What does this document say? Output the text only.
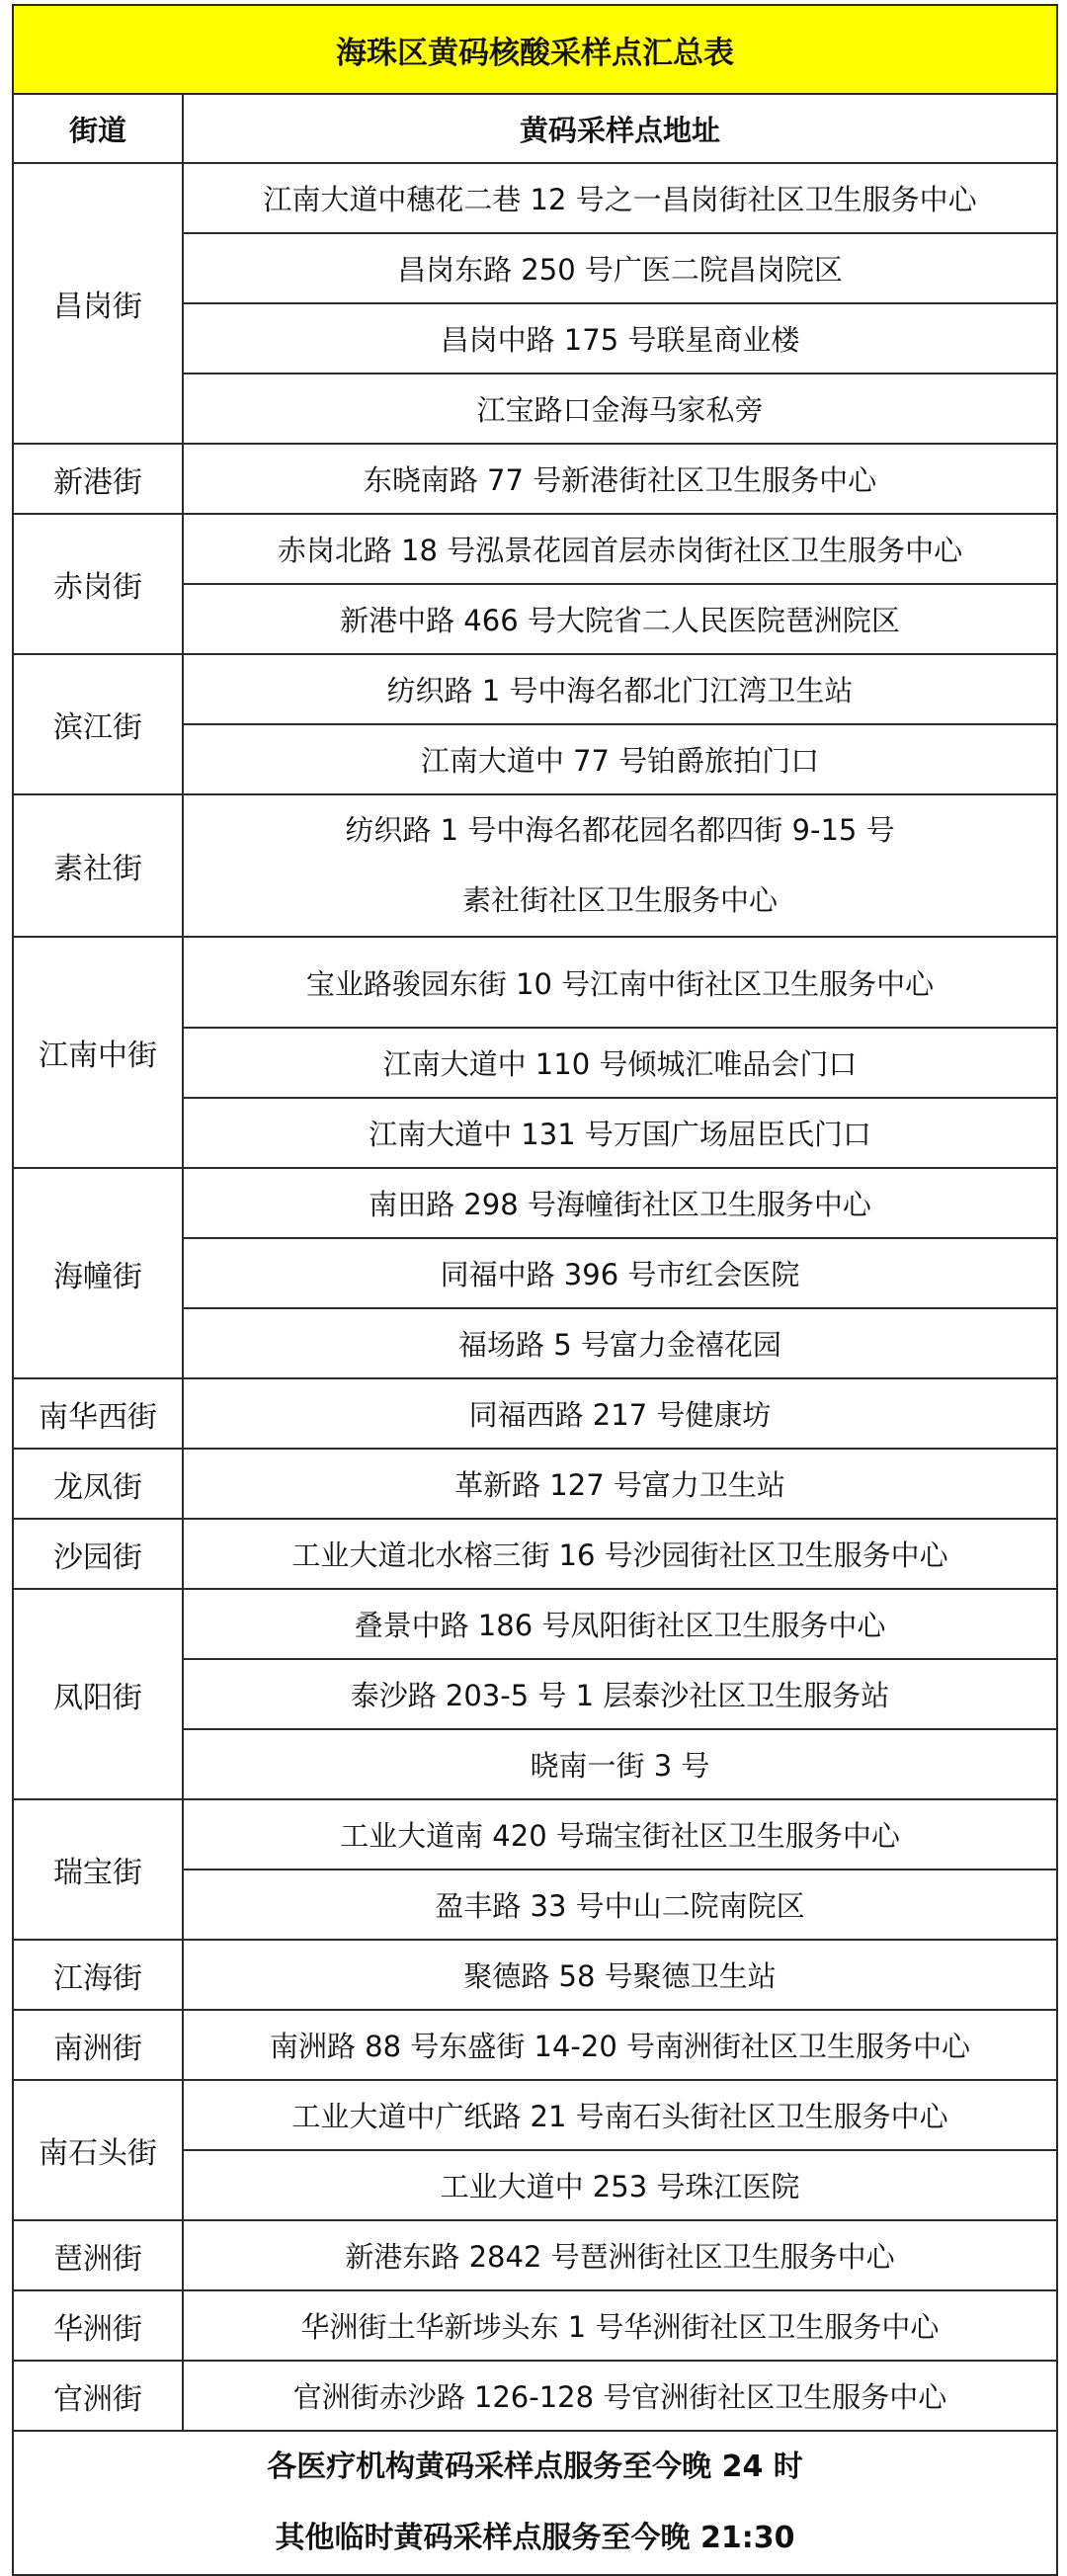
海珠区黄码核酸采样点汇总表	
街道	黄码采样点地址
昌岗街	江南大道中穗花二巷 12 号之一昌岗街社区卫生服务中心
	昌岗东路 250 号广医二院昌岗院区
	昌岗中路 175 号联星商业楼
	江宝路口金海马家私旁
新港街	东晓南路 77 号新港街社区卫生服务中心
赤岗街	赤岗北路 18 号泓景花园首层赤岗街社区卫生服务中心
	新港中路 466 号大院省二人民医院琶洲院区
滨江街	纺织路 1 号中海名都北门江湾卫生站
	江南大道中 77 号铂爵旅拍门口
素社街	纺织路 1 号中海名都花园名都四街 9-15 号
素社街社区卫生服务中心

江南中街	宝业路骏园东街 10 号江南中街社区卫生服务中心
	江南大道中 110 号倾城汇唯品会门口
	江南大道中 131 号万国广场屈臣氏门口
海幢街	南田路 298 号海幢街社区卫生服务中心
	同福中路 396 号市红会医院
	福场路 5 号富力金禧花园
南华西街	同福西路 217 号健康坊
龙凤街	革新路 127 号富力卫生站
沙园街	工业大道北水榕三街 16 号沙园街社区卫生服务中心
凤阳街	叠景中路 186 号凤阳街社区卫生服务中心
	泰沙路 203-5 号 1 层泰沙社区卫生服务站
	晓南一街 3 号
瑞宝街	工业大道南 420 号瑞宝街社区卫生服务中心
	盈丰路 33 号中山二院南院区
江海街	聚德路 58 号聚德卫生站
南洲街	南洲路 88 号东盛街 14-20 号南洲街社区卫生服务中心
南石头街	工业大道中广纸路 21 号南石头街社区卫生服务中心
	工业大道中 253 号珠江医院
琶洲街	新港东路 2842 号琶洲街社区卫生服务中心
华洲街	华洲街土华新埗头东 1 号华洲街社区卫生服务中心
官洲街	官洲街赤沙路 126-128 号官洲街社区卫生服务中心

各医疗机构黄码采样点服务至今晚 24 时
其他临时黄码采样点服务至今晚 21:30	
